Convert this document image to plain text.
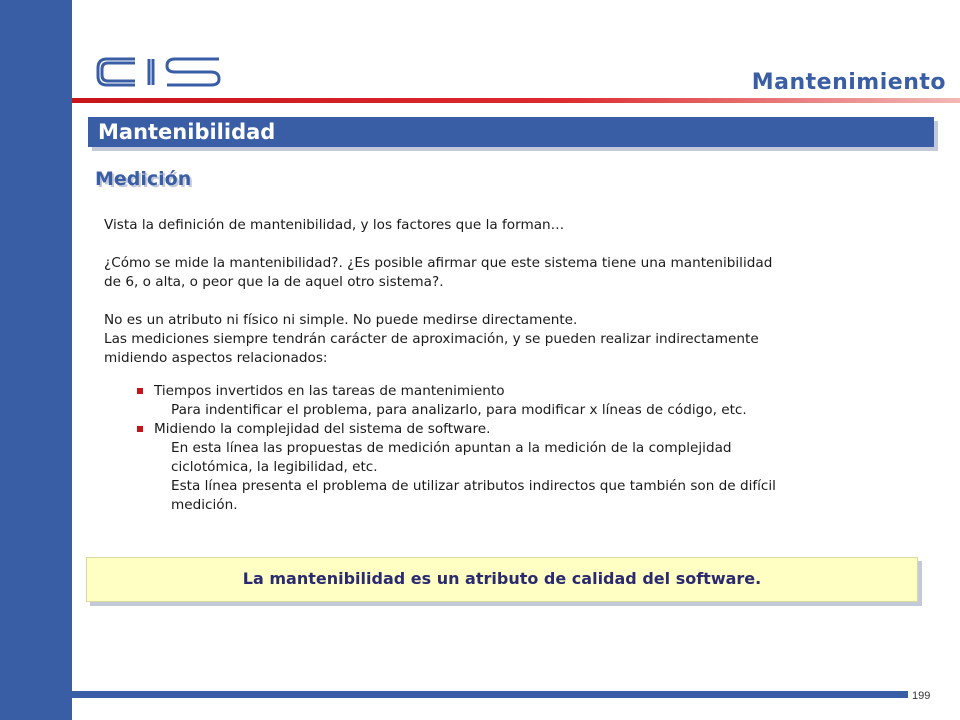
Mantenimiento
Mantenibilidad
Medición

Vista la definición de mantenibilidad, y los factores que la forman…

¿Cómo se mide la mantenibilidad?. ¿Es posible afirmar que este sistema tiene una mantenibilidad

de 6, o alta, o peor que la de aquel otro sistema?.

No es un atributo ni físico ni simple. No puede medirse directamente.

Las mediciones siempre tendrán carácter de aproximación, y se pueden realizar indirectamente

midiendo aspectos relacionados:

Tiempos invertidos en las tareas de mantenimiento

Para indentificar el problema, para analizarlo, para modificar x líneas de código, etc.

Midiendo la complejidad del sistema de software.

En esta línea las propuestas de medición apuntan a la medición de la complejidad

ciclotómica, la legibilidad, etc.

Esta línea presenta el problema de utilizar atributos indirectos que también son de difícil

medición.

La mantenibilidad es un atributo de calidad del software.
199
